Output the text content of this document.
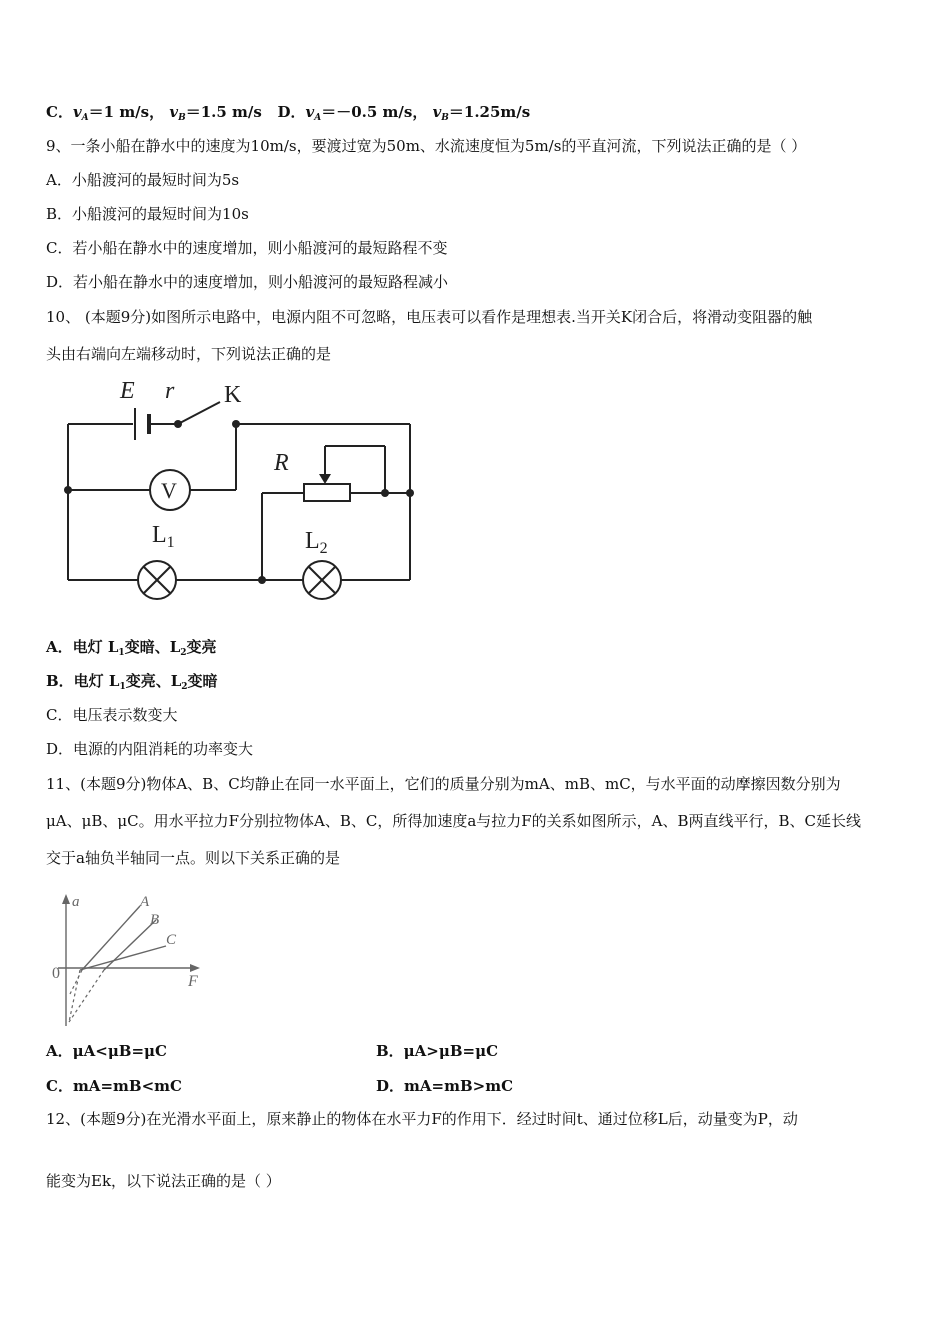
C．$v_A=1$ m/s， $v_B=1.5$ m/s D．$v_A=-0.5$ m/s， $v_B=1.25m/s$
9、一条小船在静水中的速度为10m/s，要渡过宽为50m、水流速度恒为5m/s的平直河流，下列说法正确的是（ ）
A．小船渡河的最短时间为5s
B．小船渡河的最短时间为10s
C．若小船在静水中的速度增加，则小船渡河的最短路程不变
D．若小船在静水中的速度增加，则小船渡河的最短路程减小
10、 (本题9分)如图所示电路中，电源内阻不可忽略，电压表可以看作是理想表.当开关K闭合后，将滑动变阻器的触
头由右端向左端移动时，下列说法正确的是
E r K
R
V
$L_1$	$L_2$
A．电灯 $L_1$变暗、$L_2$变亮
B．电灯 $L_1$变亮、$L_2$变暗
C．电压表示数变大
D．电源的内阻消耗的功率变大
11、(本题9分)物体A、B、C均静止在同一水平面上，它们的质量分别为mA、mB、mC，与水平面的动摩擦因数分别为
μA、μB、μC。用水平拉力F分别拉物体A、B、C，所得加速度a与拉力F的关系如图所示，A、B两直线平行，B、C延长线
交于a轴负半轴同一点。则以下关系正确的是
a
0	F
A
B
C
A．μA<μB=μC	B．μA>μB=μC
C．mA=mB<mC	D．mA=mB>mC
12、(本题9分)在光滑水平面上，原来静止的物体在水平力F的作用下．经过时间t、通过位移L后，动量变为P，动
能变为Ek，以下说法正确的是（ ）
